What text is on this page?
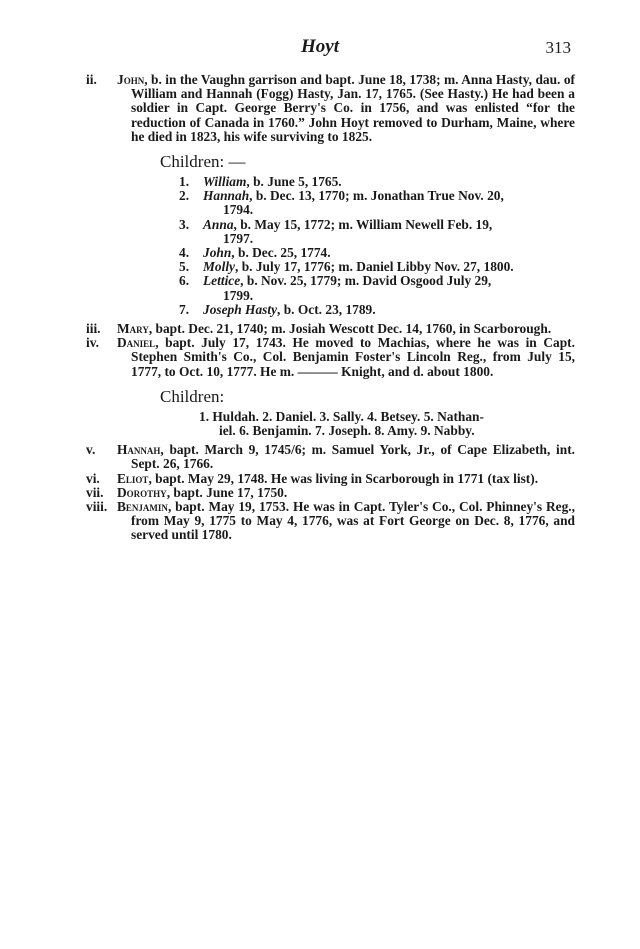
Hoyt	313
ii. John, b. in the Vaughn garrison and bapt. June 18, 1738; m. Anna Hasty, dau. of William and Hannah (Fogg) Hasty, Jan. 17, 1765. (See Hasty.) He had been a soldier in Capt. George Berry's Co. in 1756, and was enlisted “for the reduction of Canada in 1760.” John Hoyt removed to Durham, Maine, where he died in 1823, his wife surviving to 1825.
Children: —
1. William, b. June 5, 1765.
2. Hannah, b. Dec. 13, 1770; m. Jonathan True Nov. 20,
1794.
3. Anna, b. May 15, 1772; m. William Newell Feb. 19,
1797.
4. John, b. Dec. 25, 1774.
5. Molly, b. July 17, 1776; m. Daniel Libby Nov. 27, 1800.
6. Lettice, b. Nov. 25, 1779; m. David Osgood July 29,
1799.
7. Joseph Hasty, b. Oct. 23, 1789.
iii. Mary, bapt. Dec. 21, 1740; m. Josiah Wescott Dec. 14, 1760, in Scarborough.
iv. Daniel, bapt. July 17, 1743. He moved to Machias, where he was in Capt. Stephen Smith's Co., Col. Benjamin Foster's Lincoln Reg., from July 15, 1777, to Oct. 10, 1777. He m. ——— Knight, and d. about 1800.
Children:
1. Huldah. 2. Daniel. 3. Sally. 4. Betsey. 5. Nathan-
iel. 6. Benjamin. 7. Joseph. 8. Amy. 9. Nabby.
v. Hannah, bapt. March 9, 1745/6; m. Samuel York, Jr., of Cape Elizabeth, int. Sept. 26, 1766.
vi. Eliot, bapt. May 29, 1748. He was living in Scarborough in 1771 (tax list).
vii. Dorothy, bapt. June 17, 1750.
viii. Benjamin, bapt. May 19, 1753. He was in Capt. Tyler's Co., Col. Phinney's Reg., from May 9, 1775 to May 4, 1776, was at Fort George on Dec. 8, 1776, and served until 1780.
